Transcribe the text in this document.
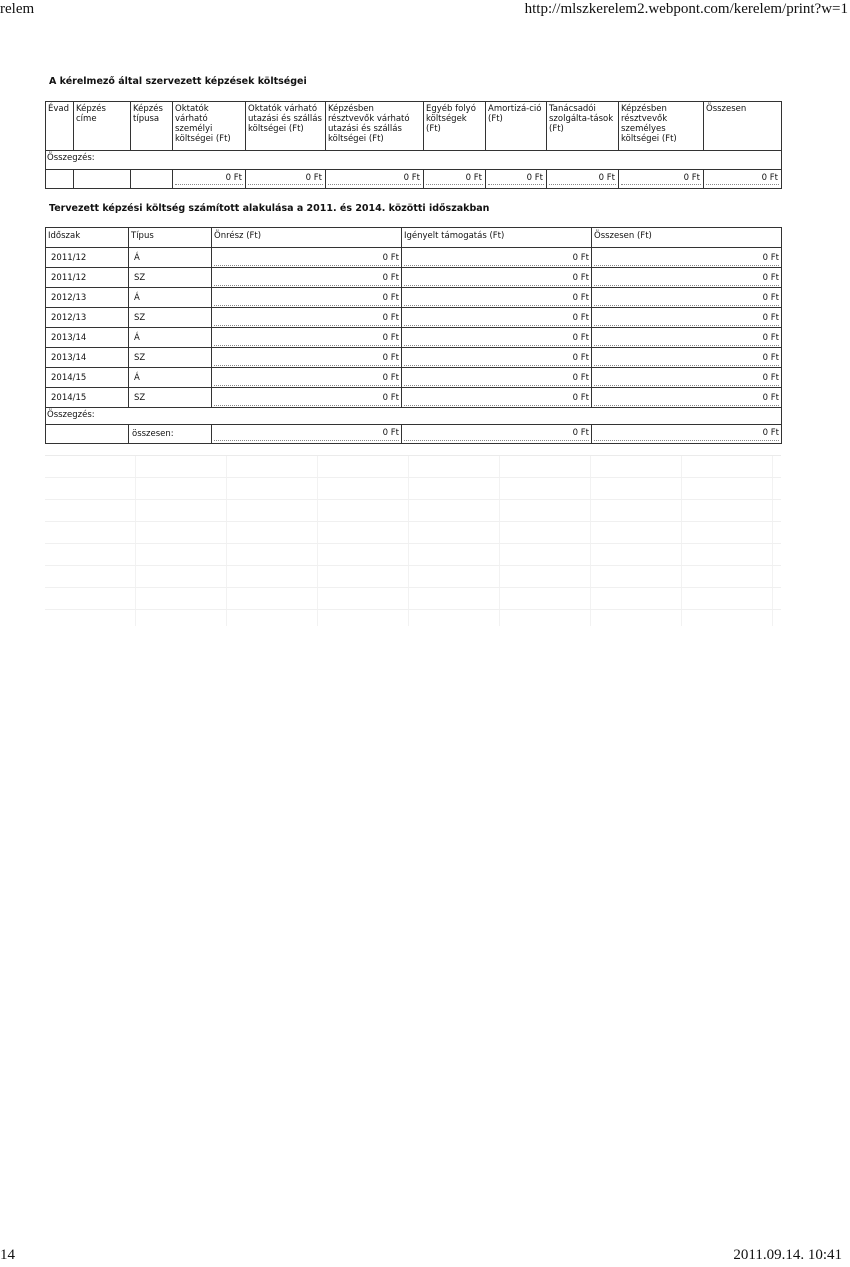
relem	http://mlszkerelem2.webpont.com/kerelem/print?w=1
A kérelmező által szervezett képzések költségei
Évad	Képzés címe	Képzés típusa	Oktatók várható személyi költségei (Ft)	Oktatók várható utazási és szállás költségei (Ft)	Képzésben résztvevők várható utazási és szállás költségei (Ft)	Egyéb folyó költségek (Ft)	Amortizá-ció (Ft)	Tanácsadói szolgálta-tások (Ft)	Képzésben résztvevők személyes költségei (Ft)	Összesen
Összegzés:										

			0 Ft	0 Ft	0 Ft	0 Ft	0 Ft	0 Ft	0 Ft	0 Ft
Tervezett képzési költség számított alakulása a 2011. és 2014. közötti időszakban
Időszak	Típus	Önrész (Ft)	Igényelt támogatás (Ft)	Összesen (Ft)
2011/12	Á	0 Ft	0 Ft	0 Ft

2011/12	SZ	0 Ft	0 Ft	0 Ft

2012/13	Á	0 Ft	0 Ft	0 Ft

2012/13	SZ	0 Ft	0 Ft	0 Ft

2013/14	Á	0 Ft	0 Ft	0 Ft

2013/14	SZ	0 Ft	0 Ft	0 Ft

2014/15	Á	0 Ft	0 Ft	0 Ft

2014/15	SZ	0 Ft	0 Ft	0 Ft

Összegzés:				
	összesen:	0 Ft	0 Ft	0 Ft
14	2011.09.14. 10:41
